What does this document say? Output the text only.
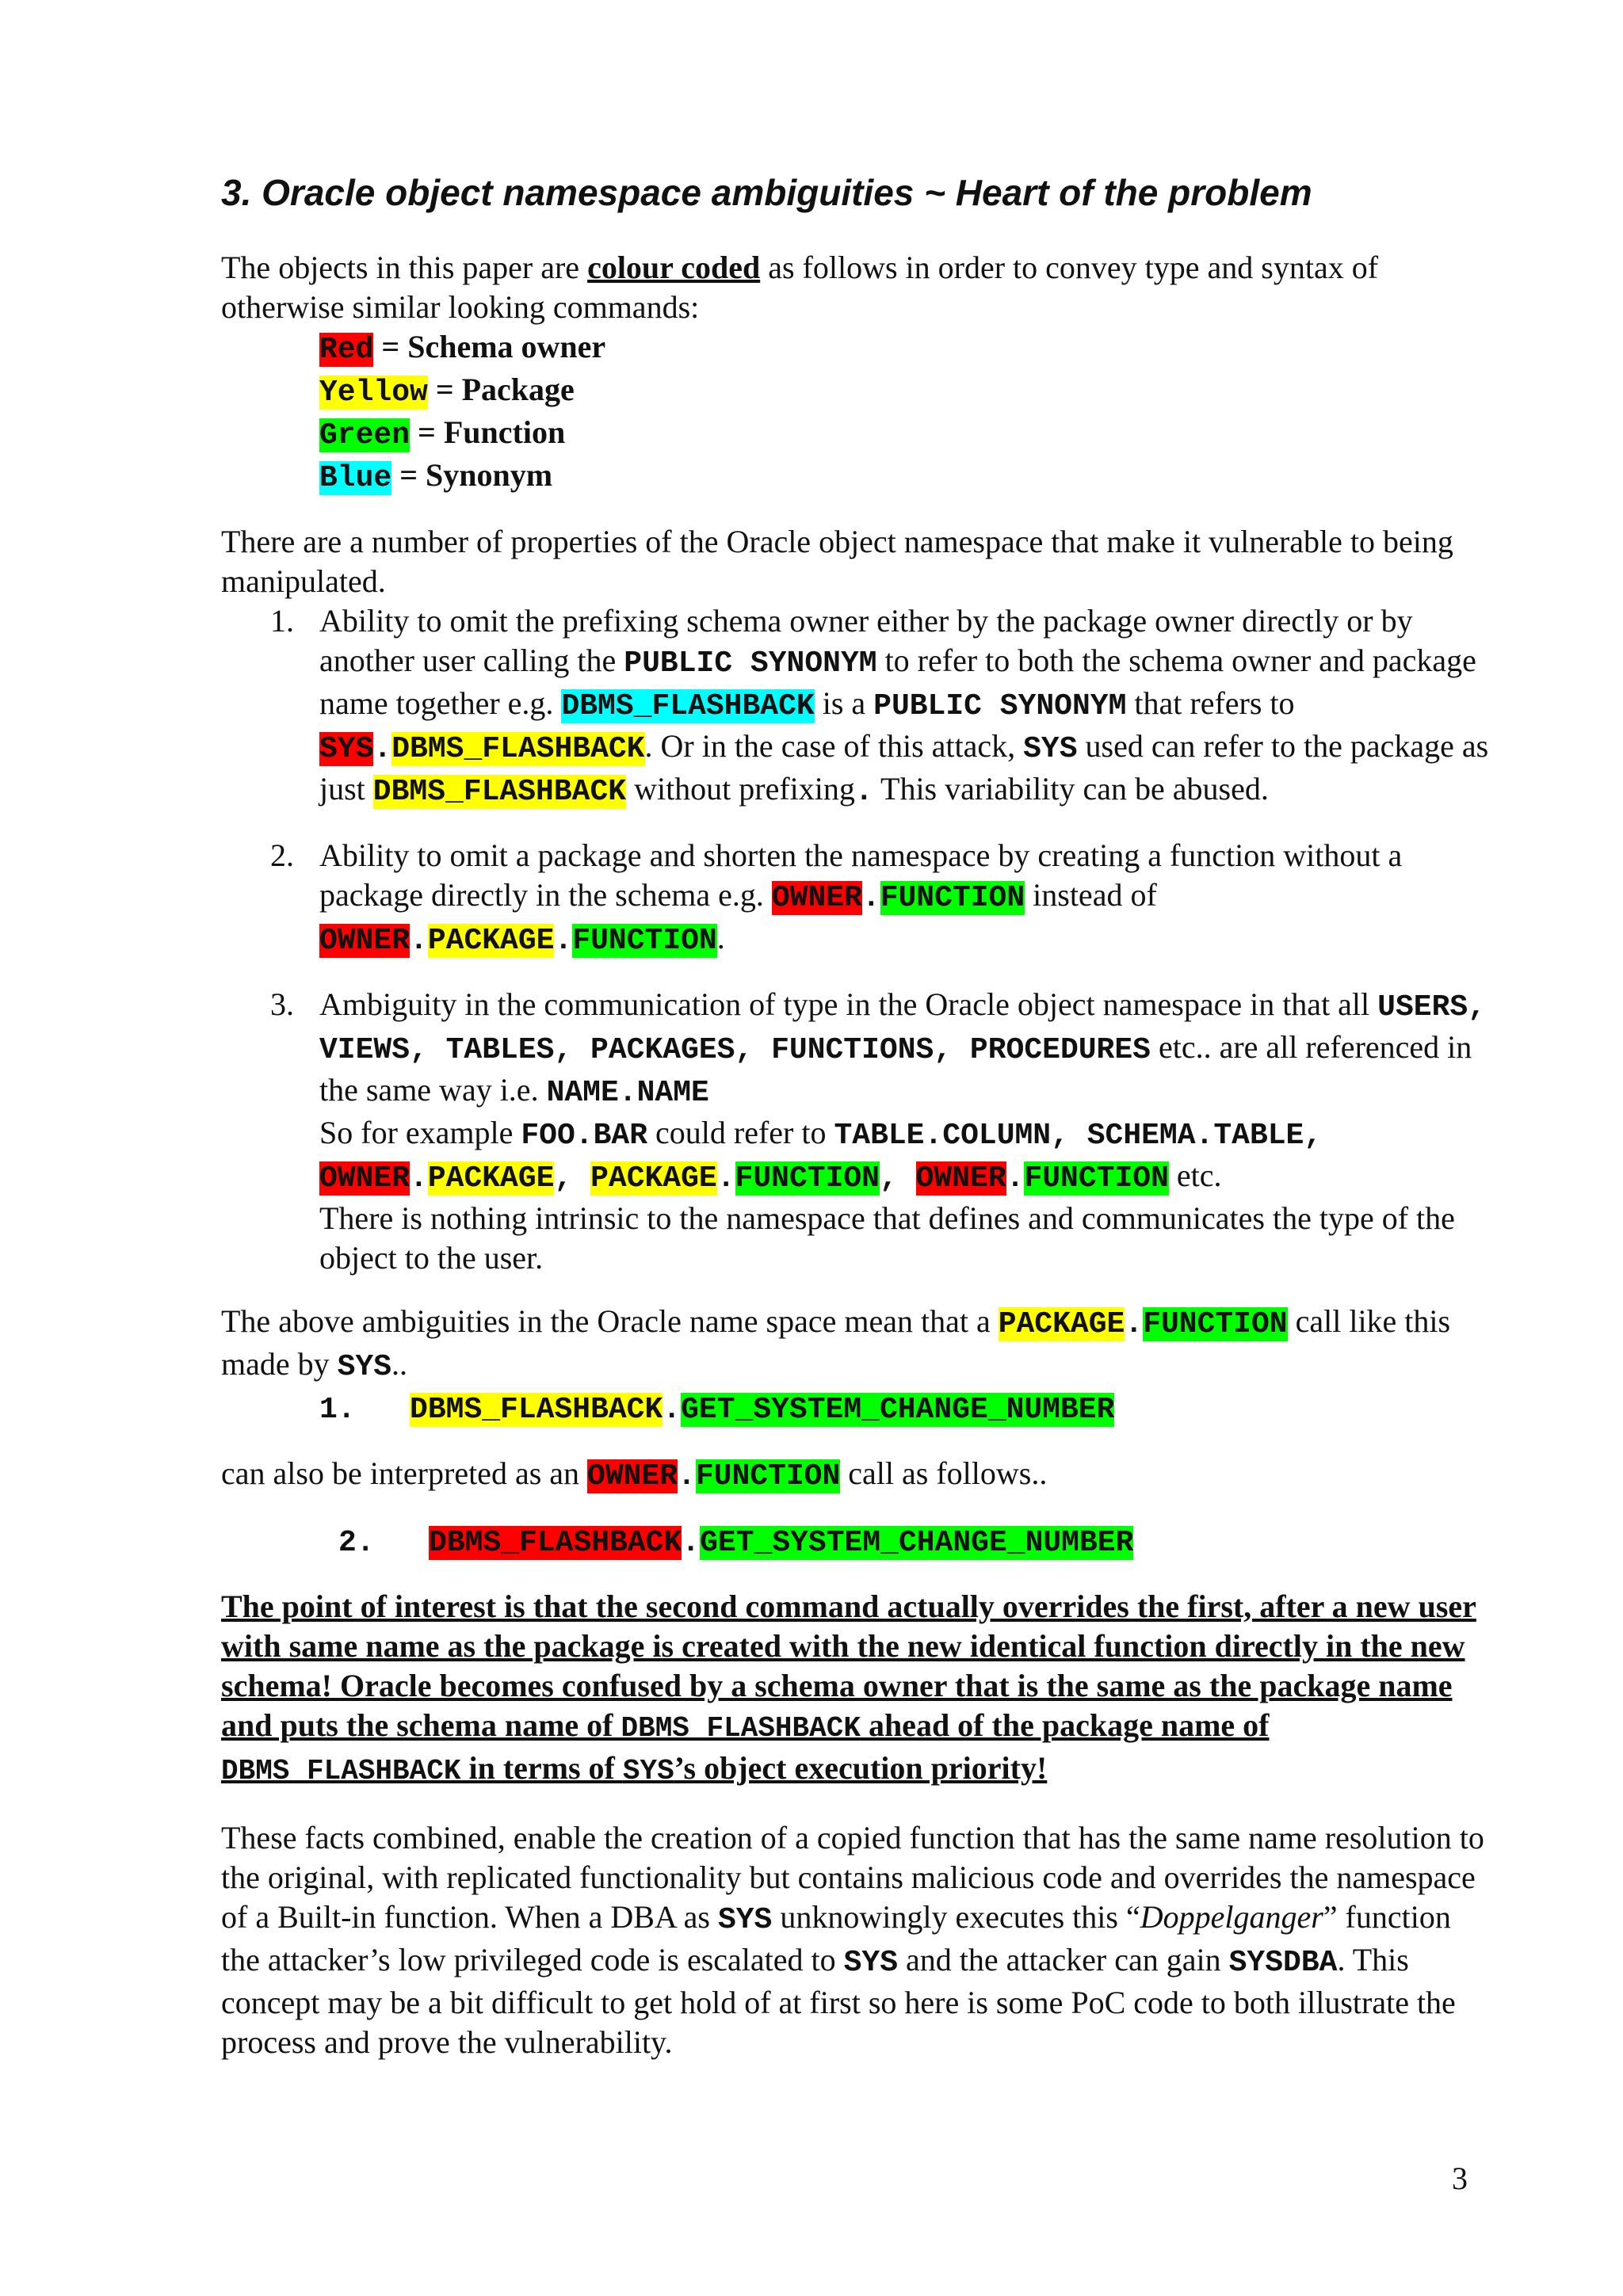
3. Oracle object namespace ambiguities ~ Heart of the problem

The objects in this paper are colour coded as follows in order to convey type and syntax of otherwise similar looking commands:

Red = Schema owner
Yellow = Package
Green = Function
Blue = Synonym

There are a number of properties of the Oracle object namespace that make it vulnerable to being manipulated.

1. Ability to omit the prefixing schema owner either by the package owner directly or by another user calling the PUBLIC SYNONYM to refer to both the schema owner and package name together e.g. DBMS_FLASHBACK is a PUBLIC SYNONYM that refers to SYS.DBMS_FLASHBACK. Or in the case of this attack, SYS used can refer to the package as just DBMS_FLASHBACK without prefixing. This variability can be abused.
2. Ability to omit a package and shorten the namespace by creating a function without a package directly in the schema e.g. OWNER.FUNCTION instead of
OWNER.PACKAGE.FUNCTION.
3. Ambiguity in the communication of type in the Oracle object namespace in that all USERS, VIEWS, TABLES, PACKAGES, FUNCTIONS, PROCEDURES etc.. are all referenced in the same way i.e. NAME.NAME
So for example FOO.BAR could refer to TABLE.COLUMN, SCHEMA.TABLE,
OWNER.PACKAGE, PACKAGE.FUNCTION, OWNER.FUNCTION etc.
There is nothing intrinsic to the namespace that defines and communicates the type of the object to the user.

The above ambiguities in the Oracle name space mean that a PACKAGE.FUNCTION call like this made by SYS..

1. DBMS_FLASHBACK.GET_SYSTEM_CHANGE_NUMBER

can also be interpreted as an OWNER.FUNCTION call as follows..

2. DBMS_FLASHBACK.GET_SYSTEM_CHANGE_NUMBER

The point of interest is that the second command actually overrides the first, after a new user with same name as the package is created with the new identical function directly in the new schema! Oracle becomes confused by a schema owner that is the same as the package name and puts the schema name of DBMS_FLASHBACK ahead of the package name of DBMS_FLASHBACK in terms of SYS’s object execution priority!

These facts combined, enable the creation of a copied function that has the same name resolution to the original, with replicated functionality but contains malicious code and overrides the namespace of a Built-in function. When a DBA as SYS unknowingly executes this “Doppelganger” function the attacker’s low privileged code is escalated to SYS and the attacker can gain SYSDBA. This concept may be a bit difficult to get hold of at first so here is some PoC code to both illustrate the process and prove the vulnerability.

3
